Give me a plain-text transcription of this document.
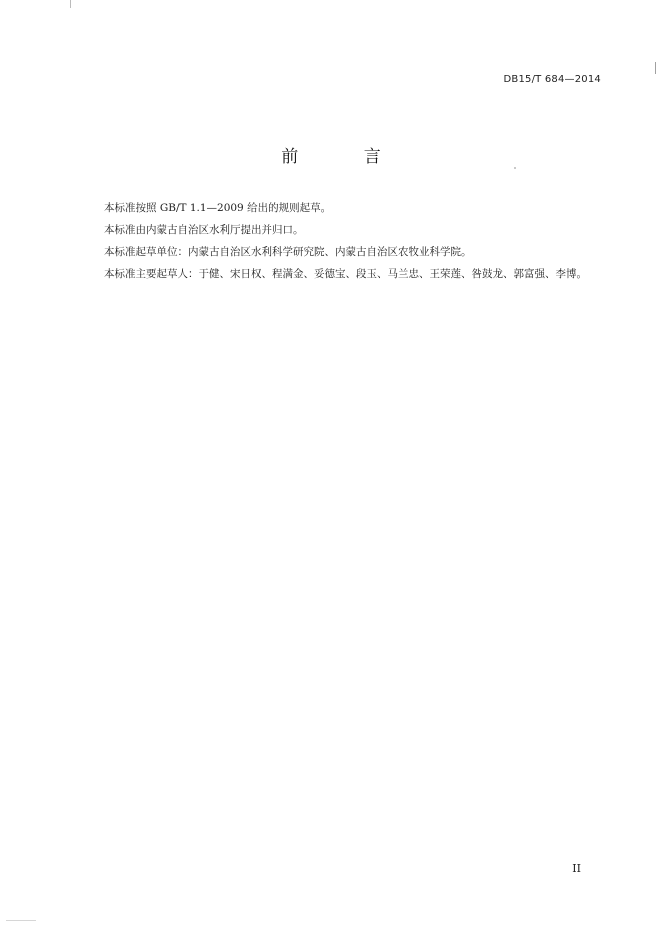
DB15/T 684—2014
前 言
本标准按照 GB/T 1.1—2009 给出的规则起草。
本标准由内蒙古自治区水利厅提出并归口。
本标准起草单位：内蒙古自治区水利科学研究院、内蒙古自治区农牧业科学院。
本标准主要起草人： 于健、宋日权、程满金、妥德宝、段玉、马兰忠、王荣莲、咎鼓龙、郭富强、李博。
II
